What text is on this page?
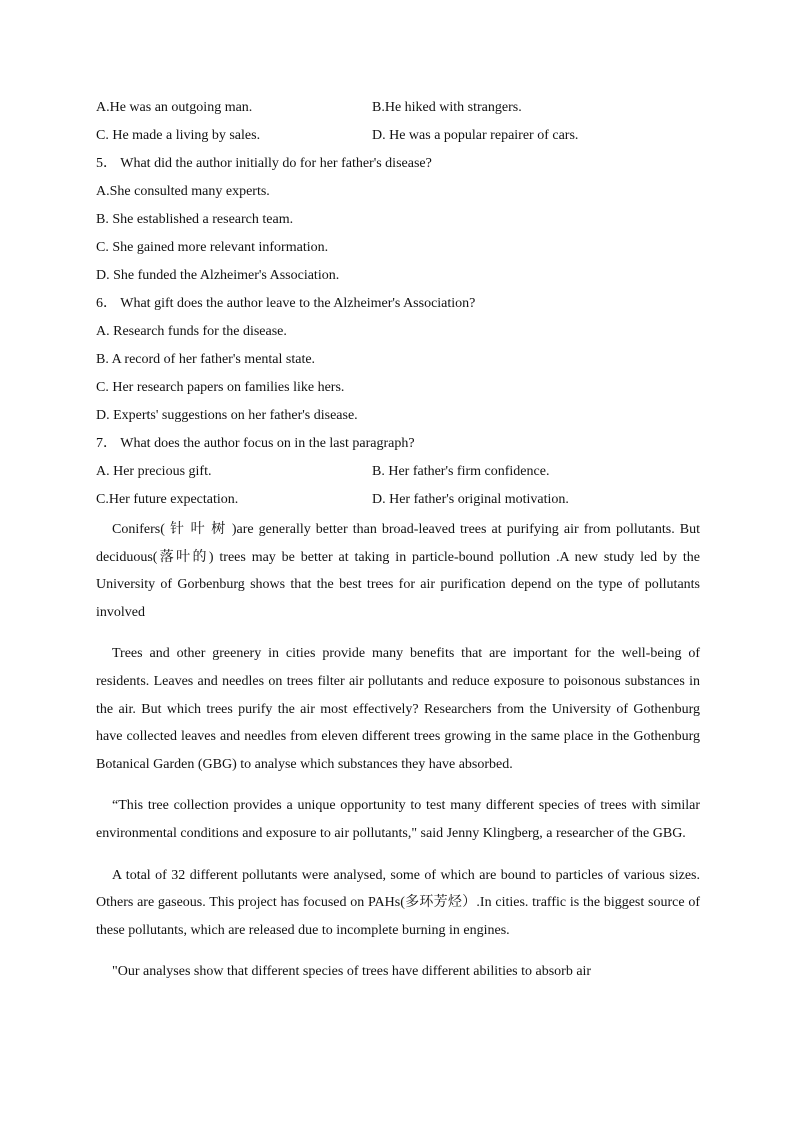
A.He was an outgoing man.	B.He hiked with strangers.
C. He made a living by sales.	D. He was a popular repairer of cars.
5． What did the author initially do for her father's disease?
A.She consulted many experts.
B. She established a research team.
C. She gained more relevant information.
D. She funded the Alzheimer's Association.
6． What gift does the author leave to the Alzheimer's Association?
A. Research funds for the disease.
B. A record of her father's mental state.
C. Her research papers on families like hers.
D. Experts' suggestions on her father's disease.
7． What does the author focus on in the last paragraph?
A. Her precious gift.	B. Her father's firm confidence.
C.Her future expectation.	D. Her father's original motivation.

Conifers( 针 叶 树 )are generally better than broad-leaved trees at purifying air from pollutants. But deciduous(落叶的) trees may be better at taking in particle-bound pollution .A new study led by the University of Gorbenburg shows that the best trees for air purification depend on the type of pollutants involved

Trees and other greenery in cities provide many benefits that are important for the well-being of residents. Leaves and needles on trees filter air pollutants and reduce exposure to poisonous substances in the air. But which trees purify the air most effectively? Researchers from the University of Gothenburg have collected leaves and needles from eleven different trees growing in the same place in the Gothenburg Botanical Garden (GBG) to analyse which substances they have absorbed.

“This tree collection provides a unique opportunity to test many different species of trees with similar environmental conditions and exposure to air pollutants," said Jenny Klingberg, a researcher of the GBG.

A total of 32 different pollutants were analysed, some of which are bound to particles of various sizes. Others are gaseous. This project has focused on PAHs(多环芳烃）.In cities. traffic is the biggest source of these pollutants, which are released due to incomplete burning in engines.

"Our analyses show that different species of trees have different abilities to absorb air
